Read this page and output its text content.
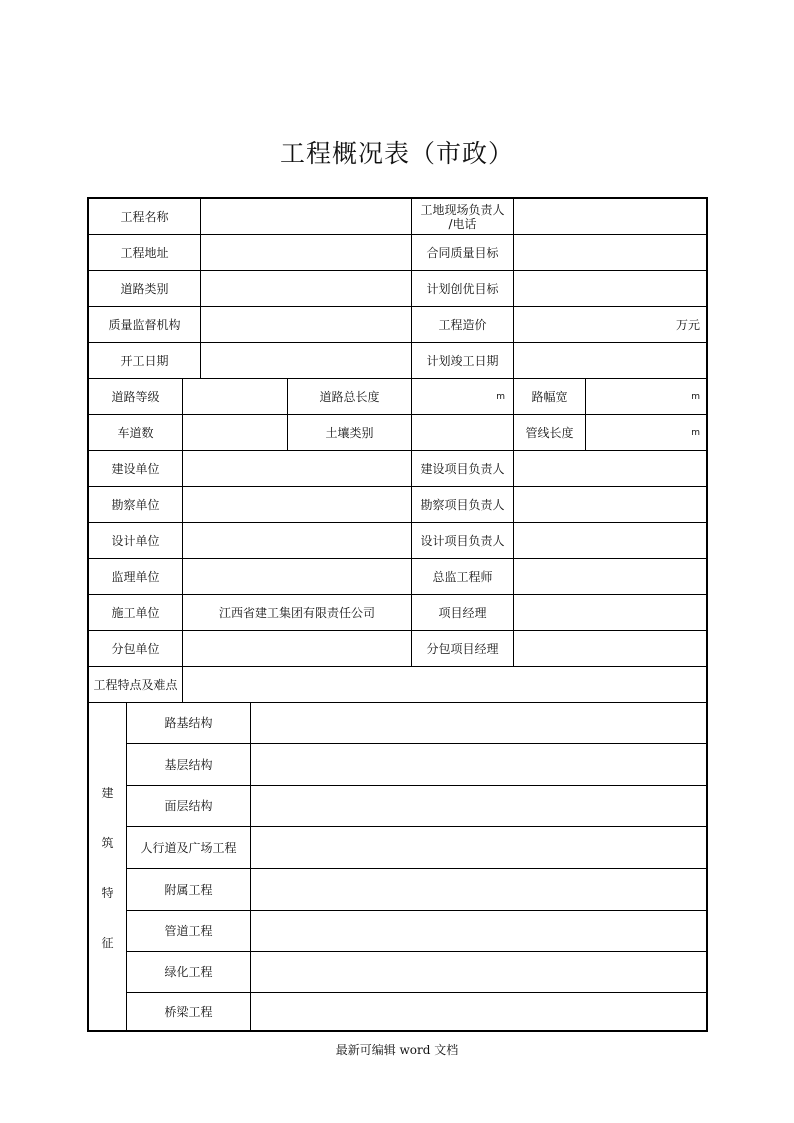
工程概况表（市政）
工程名称	工地现场负责人
/电话
工程地址	合同质量目标
道路类别	计划创优目标
质量监督机构	工程造价	万元
开工日期	计划竣工日期
道路等级	道路总长度	m	路幅宽	m
车道数	土壤类别	管线长度	m
建设单位	建设项目负责人
勘察单位	勘察项目负责人
设计单位	设计项目负责人
监理单位	总监工程师
施工单位	江西省建工集团有限责任公司	项目经理
分包单位	分包项目经理
工程特点及难点
建
筑
特
征
路基结构
基层结构
面层结构
人行道及广场工程
附属工程
管道工程
绿化工程
桥梁工程
最新可编辑 word 文档
